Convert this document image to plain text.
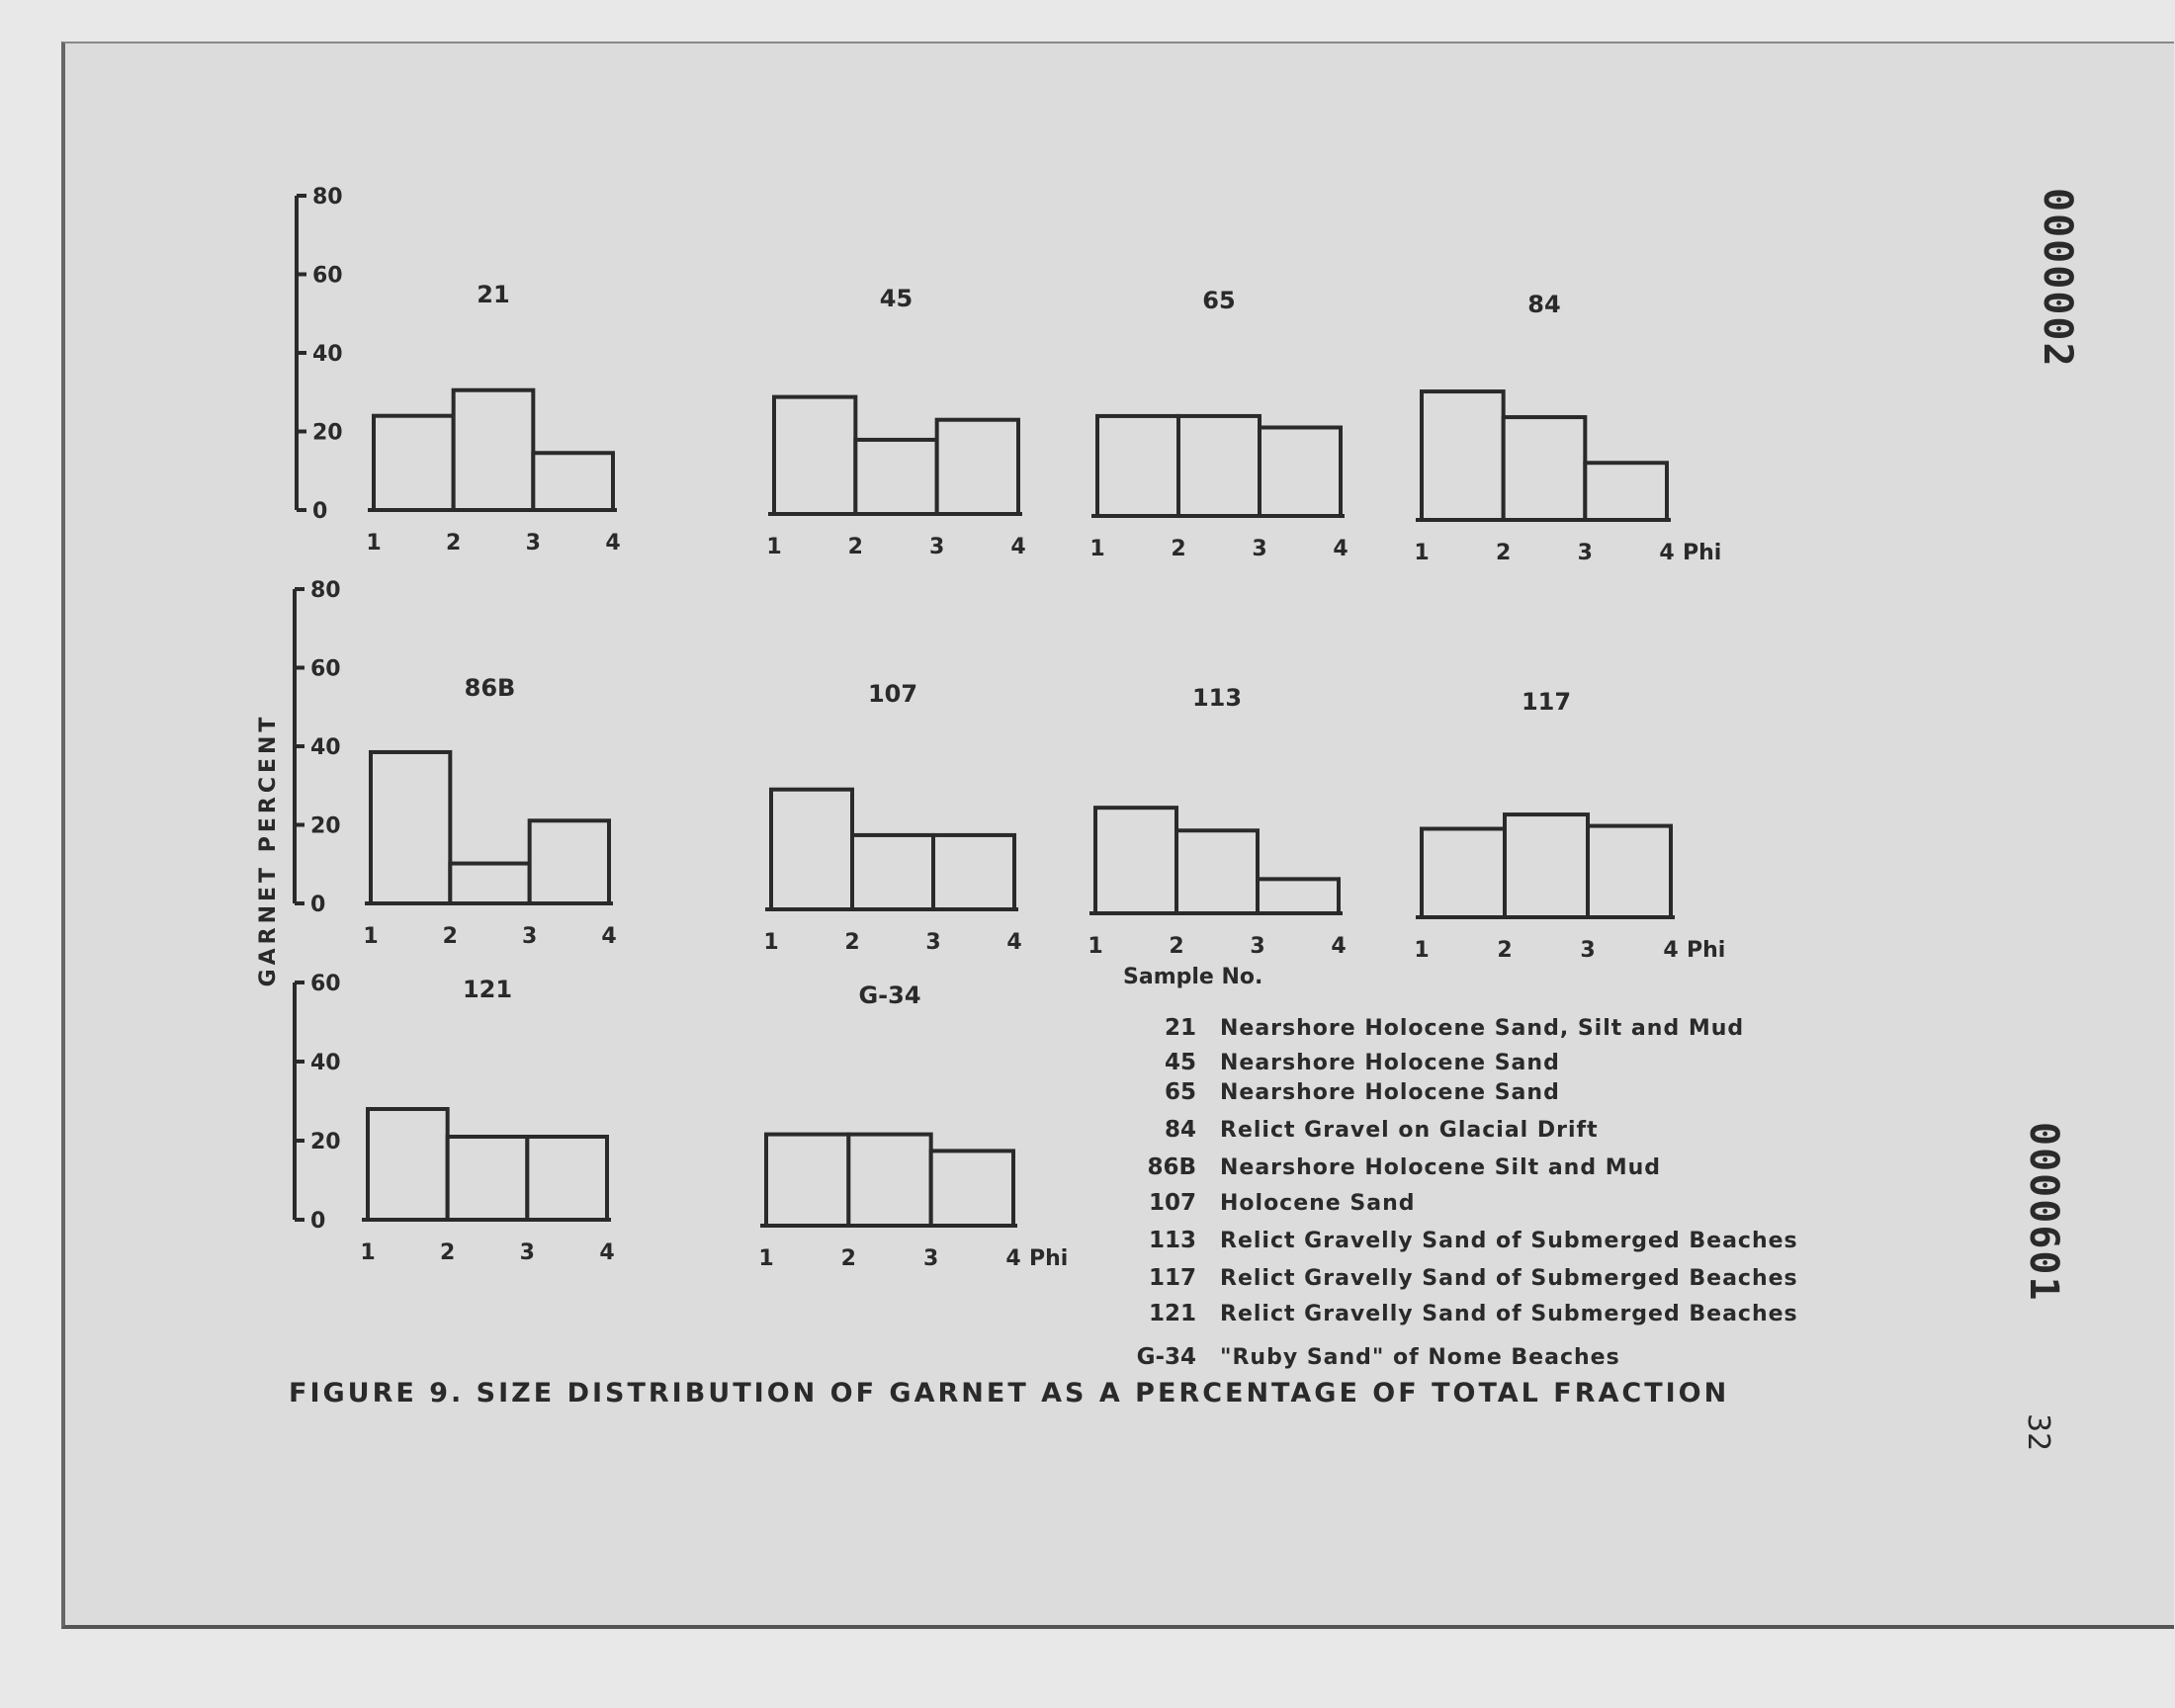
21
1	2	3	4
0
20
40
60
80
45
1	2	3	4
65
1	2	3	4
84
1	2	3	4 Phi
86B
1	2	3	4
0
20
40
60
80
107
1	2	3	4
113
1	2	3	4
117
1	2	3	4 Phi
121
1	2	3	4
0
20
40
60	G-34
1	2	3	4 Phi
GARNET PERCENT	Sample No.
21 Nearshore Holocene Sand, Silt and Mud
45 Nearshore Holocene Sand
65 Nearshore Holocene Sand
84 Relict Gravel on Glacial Drift
86B Nearshore Holocene Silt and Mud
107 Holocene Sand
113 Relict Gravelly Sand of Submerged Beaches
117 Relict Gravelly Sand of Submerged Beaches
121 Relict Gravelly Sand of Submerged Beaches
G-34 "Ruby Sand" of Nome Beaches
FIGURE 9. SIZE DISTRIBUTION OF GARNET AS A PERCENTAGE OF TOTAL FRACTION
0000002
0000601
32
